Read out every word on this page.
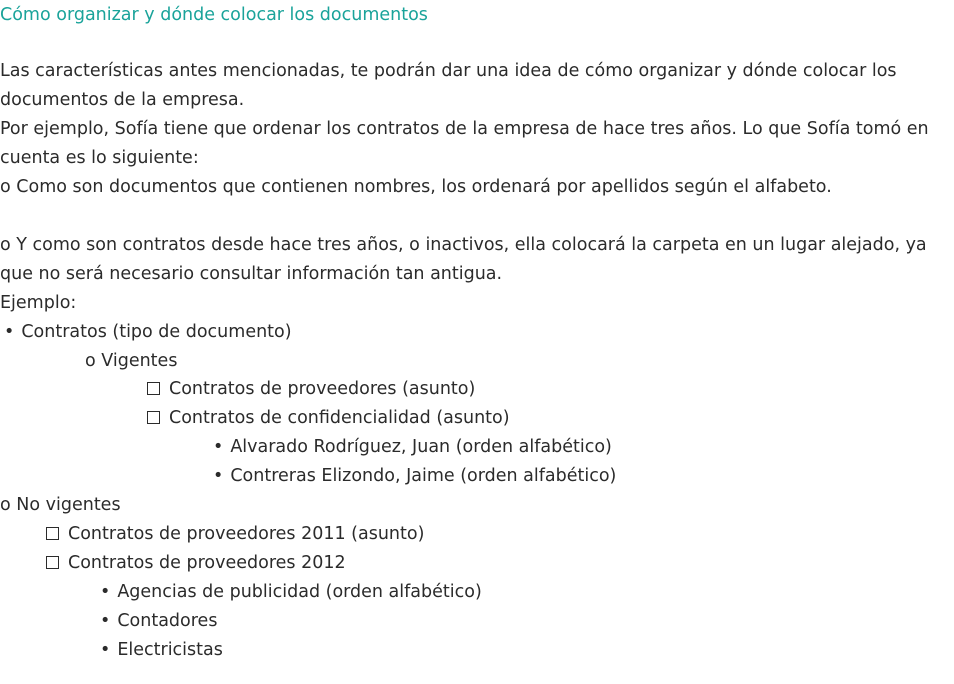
Cómo organizar y dónde colocar los documentos

Las características antes mencionadas, te podrán dar una idea de cómo organizar y dónde colocar los documentos de la empresa.

Por ejemplo, Sofía tiene que ordenar los contratos de la empresa de hace tres años. Lo que Sofía tomó en cuenta es lo siguiente:

o Como son documentos que contienen nombres, los ordenará por apellidos según el alfabeto.

o Y como son contratos desde hace tres años, o inactivos, ella colocará la carpeta en un lugar alejado, ya que no será necesario consultar información tan antigua.

Ejemplo:

• Contratos (tipo de documento)
o Vigentes
Contratos de proveedores (asunto)
Contratos de confidencialidad (asunto)
• Alvarado Rodríguez, Juan (orden alfabético)
• Contreras Elizondo, Jaime (orden alfabético)
o No vigentes
Contratos de proveedores 2011 (asunto)
Contratos de proveedores 2012
• Agencias de publicidad (orden alfabético)
• Contadores
• Electricistas
